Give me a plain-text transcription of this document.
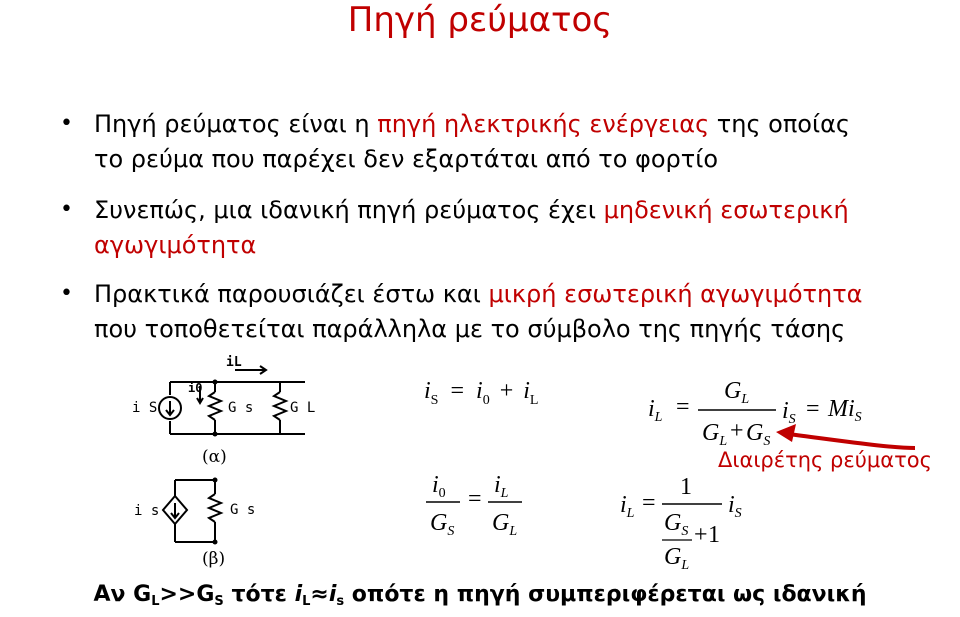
Πηγή ρεύματος
• Πηγή ρεύματος είναι η πηγή ηλεκτρικής ενέργειας της οποίας
το ρεύμα που παρέχει δεν εξαρτάται από το φορτίο
• Συνεπώς, μια ιδανική πηγή ρεύματος έχει μηδενική εσωτερική
αγωγιμότητα
• Πρακτικά παρουσιάζει έστω και μικρή εσωτερική αγωγιμότητα
που τοποθετείται παράλληλα με το σύμβολο της πηγής τάσης
i S
i0
iL
G s	G L
(α)
i s	G s
(β)
$i_S = i_0 + i_L$
$i_0$
$G_S$
=
$i_L$
$G_L$
$i_L$ =
$G_L$
$G_L + G_S$
$i_S = Mi_S$
Διαιρέτης ρεύματος
$i_L$ =
1
$G_S + 1$
$G_L$
$i_S$
Αν $G_L>>G_S$ τότε $i_L\approx i_s$ οπότε η πηγή συμπεριφέρεται ως ιδανική
